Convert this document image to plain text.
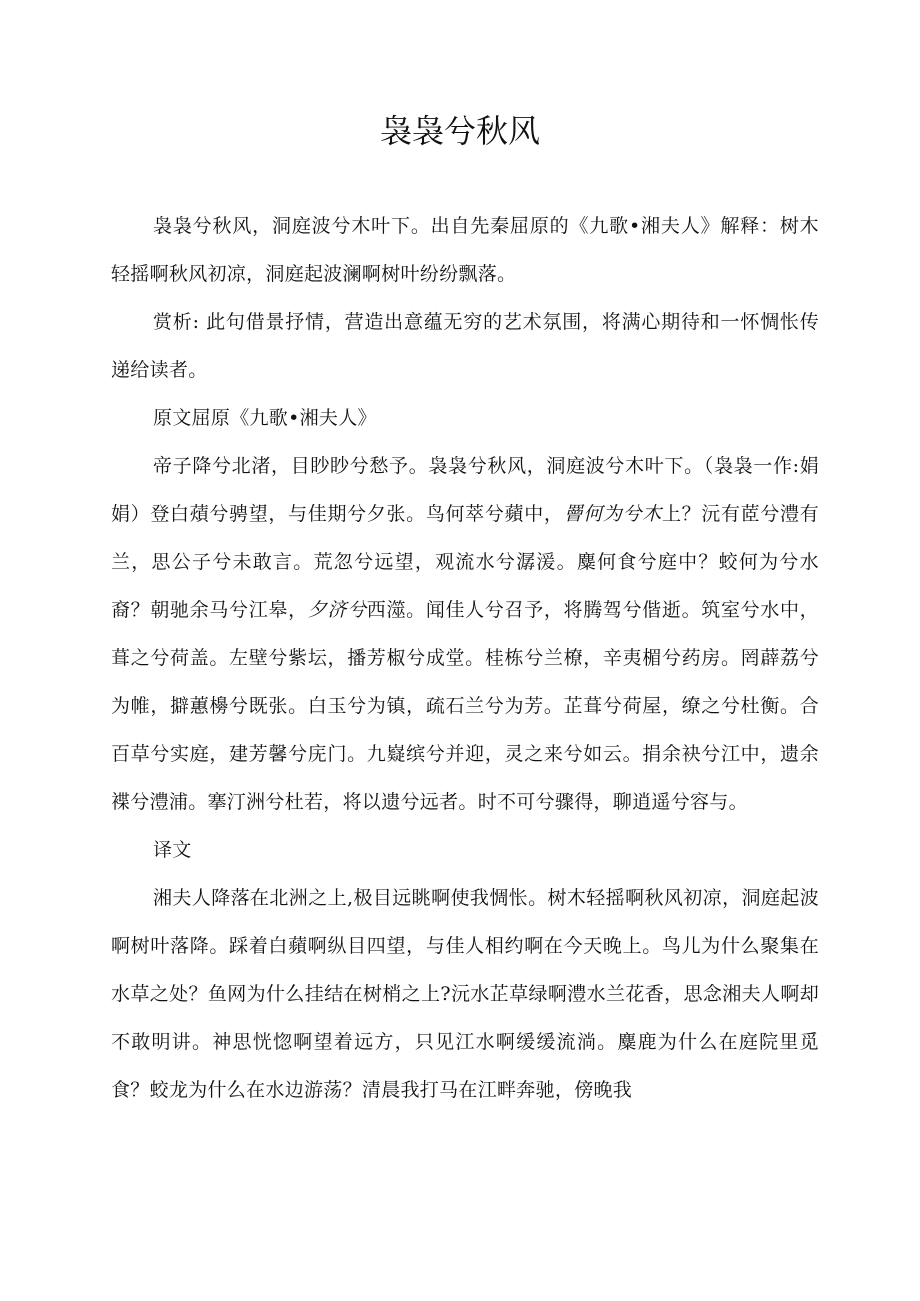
袅袅兮秋风

袅袅兮秋风，洞庭波兮木叶下。出自先秦屈原的《九歌•湘夫人》解释：树木轻摇啊秋风初凉，洞庭起波澜啊树叶纷纷飘落。

赏析: 此句借景抒情，营造出意蕴无穷的艺术氛围，将满心期待和一怀惆怅传递给读者。

原文屈原《九歌•湘夫人》

帝子降兮北渚，目眇眇兮愁予。袅袅兮秋风，洞庭波兮木叶下。（袅袅一作:娟娟）登白薠兮骋望，与佳期兮夕张。鸟何萃兮蘋中，罾何为兮木上？沅有茝兮澧有兰，思公子兮未敢言。荒忽兮远望，观流水兮潺湲。麋何食兮庭中？蛟何为兮水裔？朝驰余马兮江皋，夕济兮西澨。闻佳人兮召予，将腾驾兮偕逝。筑室兮水中，葺之兮荷盖。左壁兮紫坛，播芳椒兮成堂。桂栋兮兰橑，辛夷楣兮药房。罔薜荔兮为帷，擗蕙櫋兮既张。白玉兮为镇，疏石兰兮为芳。芷葺兮荷屋，缭之兮杜衡。合百草兮实庭，建芳馨兮庑门。九嶷缤兮并迎，灵之来兮如云。捐余袂兮江中，遗余褋兮澧浦。搴汀洲兮杜若，将以遗兮远者。时不可兮骤得，聊逍遥兮容与。

译文

湘夫人降落在北洲之上,极目远眺啊使我惆怅。树木轻摇啊秋风初凉，洞庭起波啊树叶落降。踩着白蘋啊纵目四望，与佳人相约啊在今天晚上。鸟儿为什么聚集在水草之处？鱼网为什么挂结在树梢之上?沅水芷草绿啊澧水兰花香，思念湘夫人啊却不敢明讲。神思恍惚啊望着远方，只见江水啊缓缓流淌。麋鹿为什么在庭院里觅食？蛟龙为什么在水边游荡？清晨我打马在江畔奔驰，傍晚我
